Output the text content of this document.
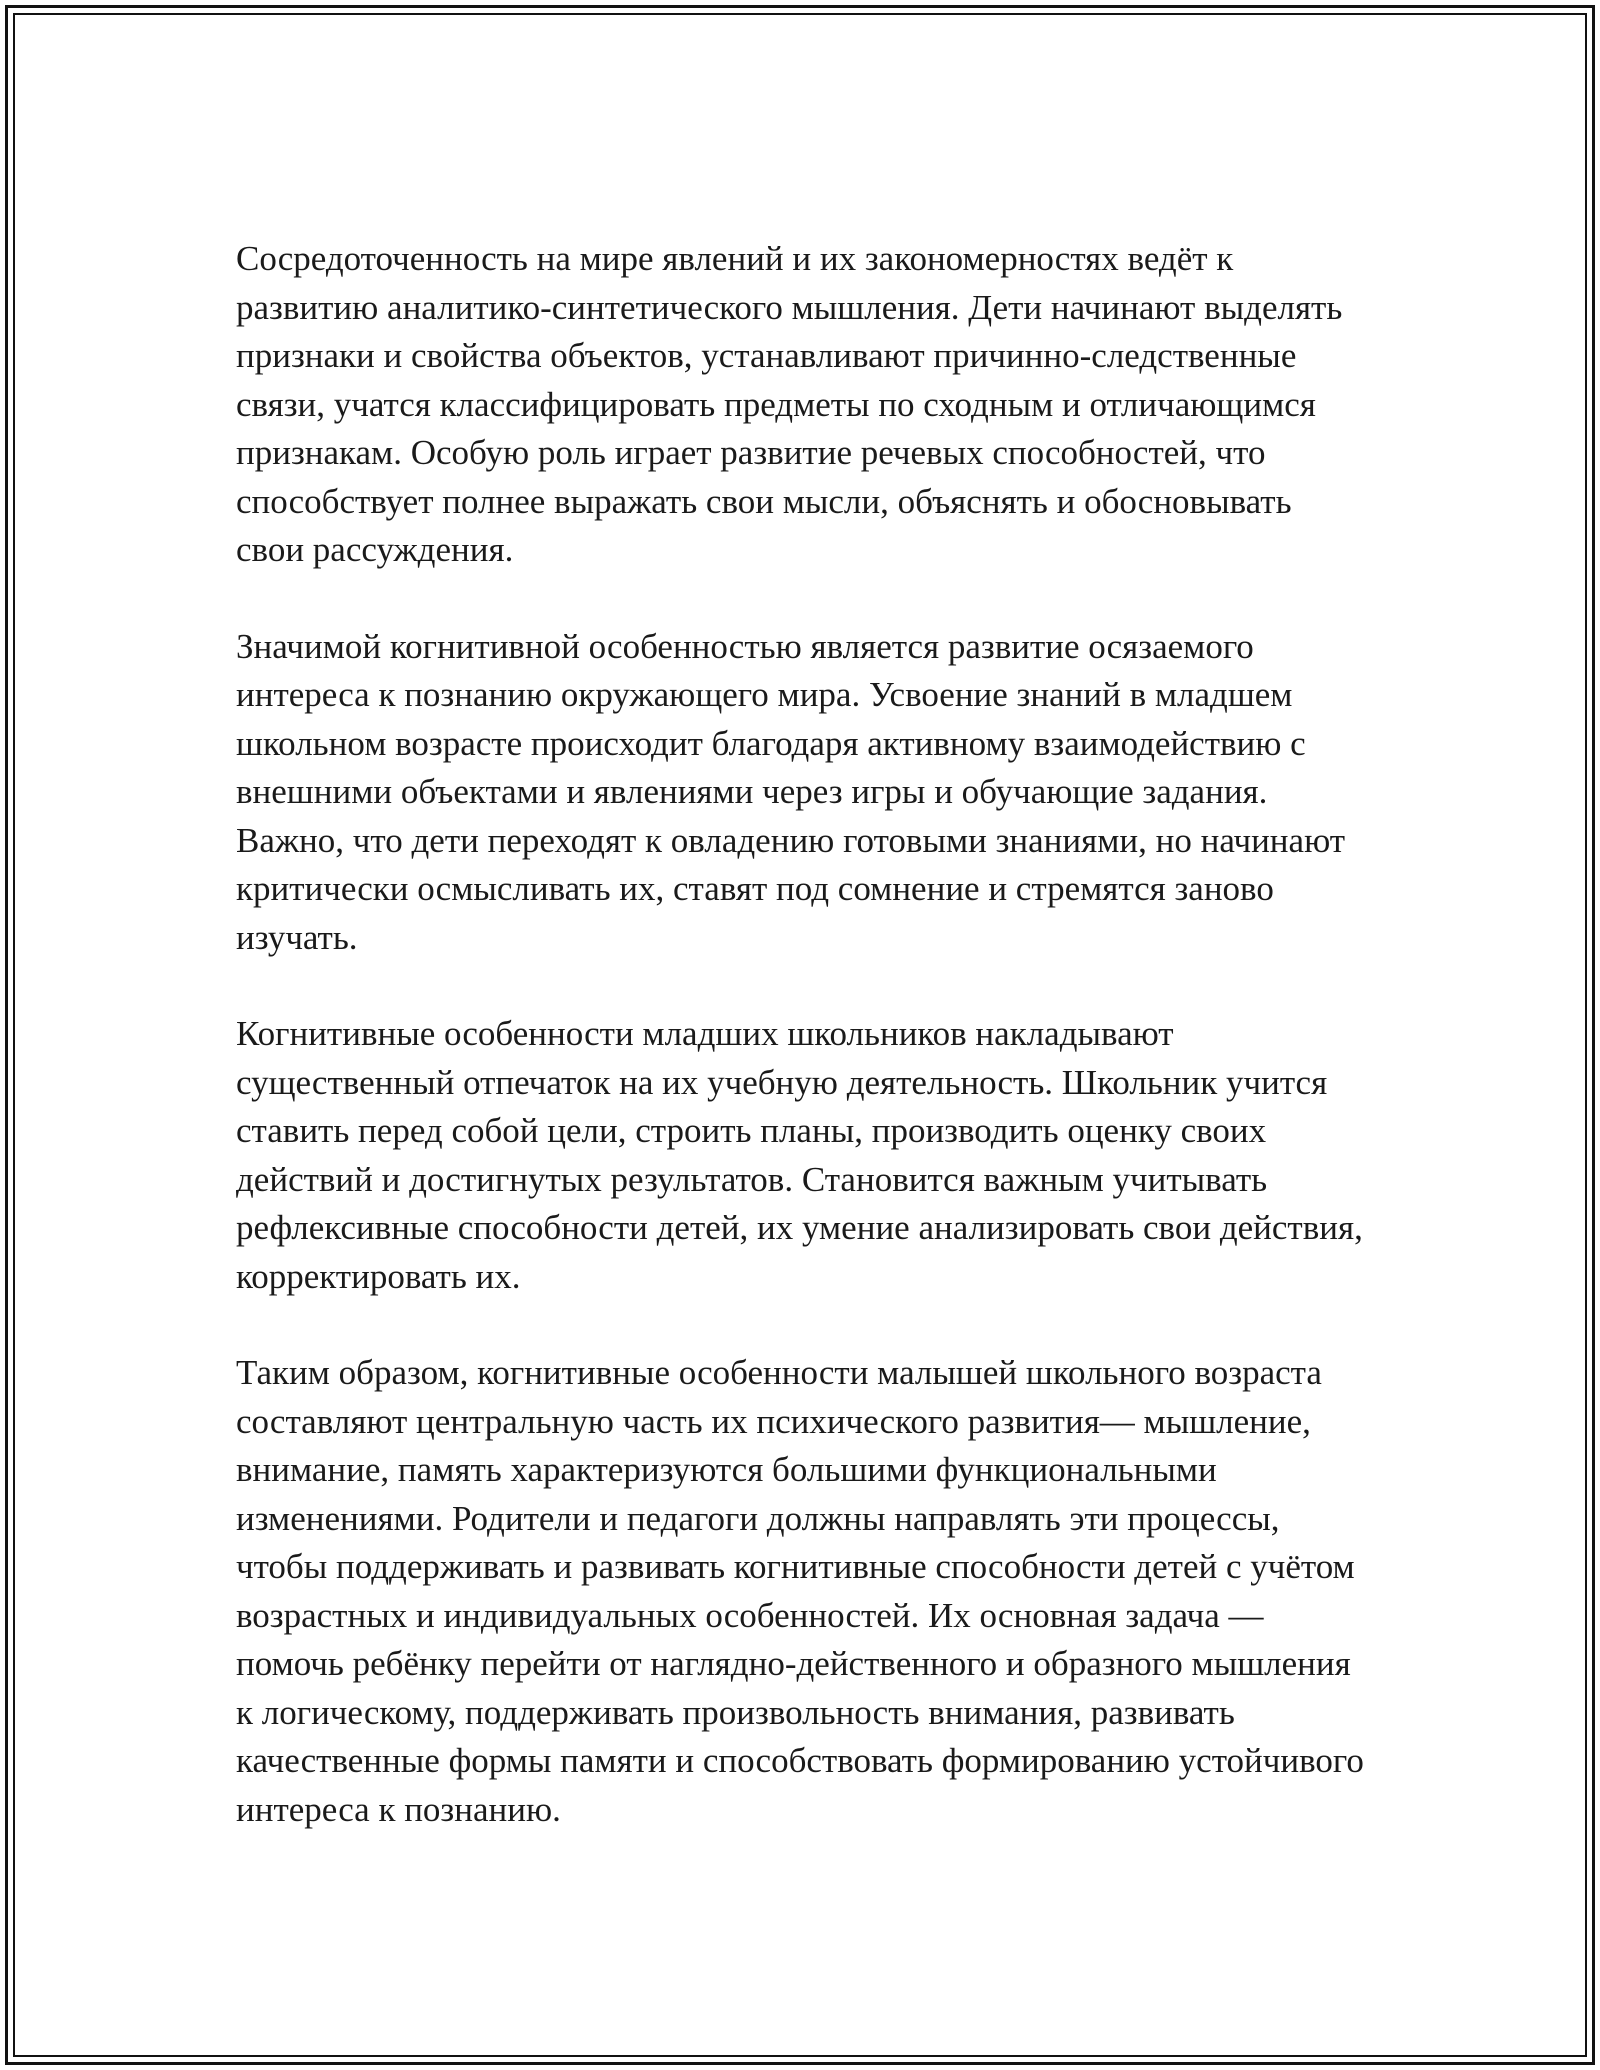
Сосредоточенность на мире явлений и их закономерностях ведёт к развитию аналитико-синтетического мышления. Дети начинают выделять признаки и свойства объектов, устанавливают причинно-следственные связи, учатся классифицировать предметы по сходным и отличающимся признакам. Особую роль играет развитие речевых способностей, что способствует полнее выражать свои мысли, объяснять и обосновывать свои рассуждения.

Значимой когнитивной особенностью является развитие осязаемого интереса к познанию окружающего мира. Усвоение знаний в младшем школьном возрасте происходит благодаря активному взаимодействию с внешними объектами и явлениями через игры и обучающие задания. Важно, что дети переходят к овладению готовыми знаниями, но начинают критически осмысливать их, ставят под сомнение и стремятся заново изучать.

Когнитивные особенности младших школьников накладывают существенный отпечаток на их учебную деятельность. Школьник учится ставить перед собой цели, строить планы, производить оценку своих действий и достигнутых результатов. Становится важным учитывать рефлексивные способности детей, их умение анализировать свои действия, корректировать их.

Таким образом, когнитивные особенности малышей школьного возраста составляют центральную часть их психического развития— мышление, внимание, память характеризуются большими функциональными изменениями. Родители и педагоги должны направлять эти процессы, чтобы поддерживать и развивать когнитивные способности детей с учётом возрастных и индивидуальных особенностей. Их основная задача — помочь ребёнку перейти от наглядно-действенного и образного мышления к логическому, поддерживать произвольность внимания, развивать качественные формы памяти и способствовать формированию устойчивого интереса к познанию.
